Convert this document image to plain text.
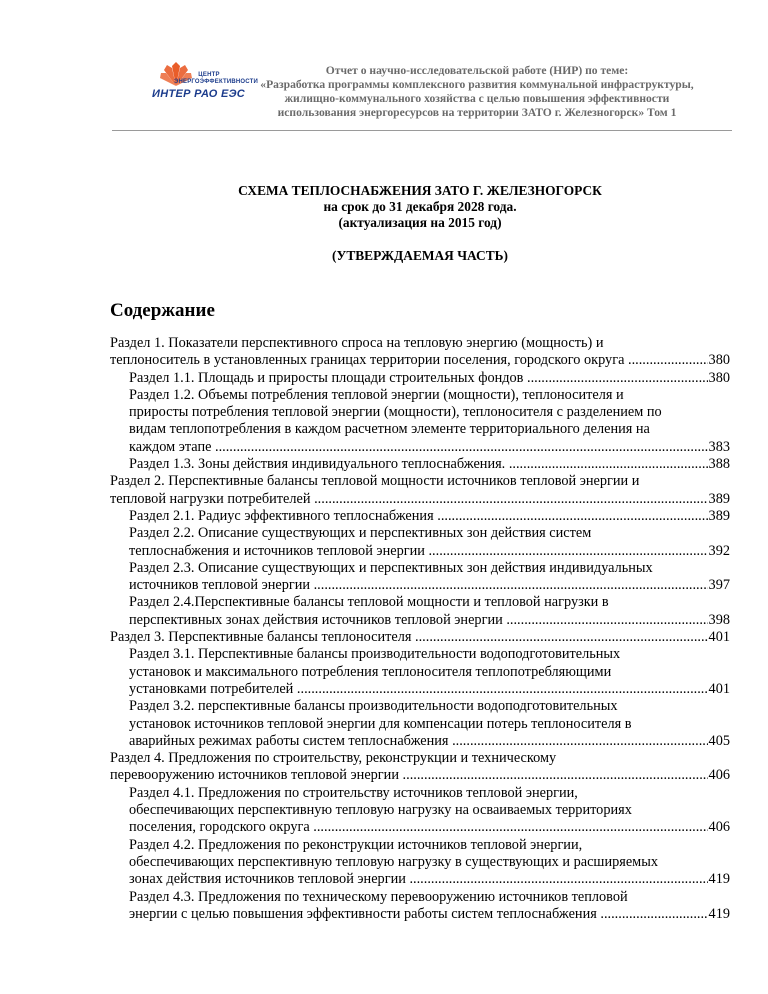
ЦЕНТР ЭНЕРГОЭФФЕКТИВНОСТИ
ИНТЕР РАО ЕЭС
Отчет о научно-исследовательской работе (НИР) по теме:
«Разработка программы комплексного развития коммунальной инфраструктуры,
жилищно-коммунального хозяйства с целью повышения эффективности
использования энергоресурсов на территории ЗАТО г. Железногорск» Том 1
СХЕМА ТЕПЛОСНАБЖЕНИЯ ЗАТО Г. ЖЕЛЕЗНОГОРСК
на срок до 31 декабря 2028 года.
(актуализация на 2015 год)
(УТВЕРЖДАЕМАЯ ЧАСТЬ)
Содержание
Раздел 1. Показатели перспективного спроса на тепловую энергию (мощность) и
теплоноситель в установленных границах территории поселения, городского округа .....	380
Раздел 1.1. Площадь и приросты площади строительных фондов .....	380
Раздел 1.2. Объемы потребления тепловой энергии (мощности), теплоносителя и
приросты потребления тепловой энергии (мощности), теплоносителя с разделением по
видам теплопотребления в каждом расчетном элементе территориального деления на
каждом этапе .....	383
Раздел 1.3. Зоны действия индивидуального теплоснабжения. .....	388
Раздел 2. Перспективные балансы тепловой мощности источников тепловой энергии и
тепловой нагрузки потребителей .....	389
Раздел 2.1. Радиус эффективного теплоснабжения .....	389
Раздел 2.2. Описание существующих и перспективных зон действия систем
теплоснабжения и источников тепловой энергии .....	392
Раздел 2.3. Описание существующих и перспективных зон действия индивидуальных
источников тепловой энергии .....	397
Раздел 2.4.Перспективные балансы тепловой мощности и тепловой нагрузки в
перспективных зонах действия источников тепловой энергии .....	398
Раздел 3. Перспективные балансы теплоносителя .....	401
Раздел 3.1. Перспективные балансы производительности водоподготовительных
установок и максимального потребления теплоносителя теплопотребляющими
установками потребителей .....	401
Раздел 3.2. перспективные балансы производительности водоподготовительных
установок источников тепловой энергии для компенсации потерь теплоносителя в
аварийных режимах работы систем теплоснабжения .....	405
Раздел 4. Предложения по строительству, реконструкции и техническому
перевооружению источников тепловой энергии .....	406
Раздел 4.1. Предложения по строительству источников тепловой энергии,
обеспечивающих перспективную тепловую нагрузку на осваиваемых территориях
поселения, городского округа .....	406
Раздел 4.2. Предложения по реконструкции источников тепловой энергии,
обеспечивающих перспективную тепловую нагрузку в существующих и расширяемых
зонах действия источников тепловой энергии .....	419
Раздел 4.3. Предложения по техническому перевооружению источников тепловой
энергии с целью повышения эффективности работы систем теплоснабжения .....	419
